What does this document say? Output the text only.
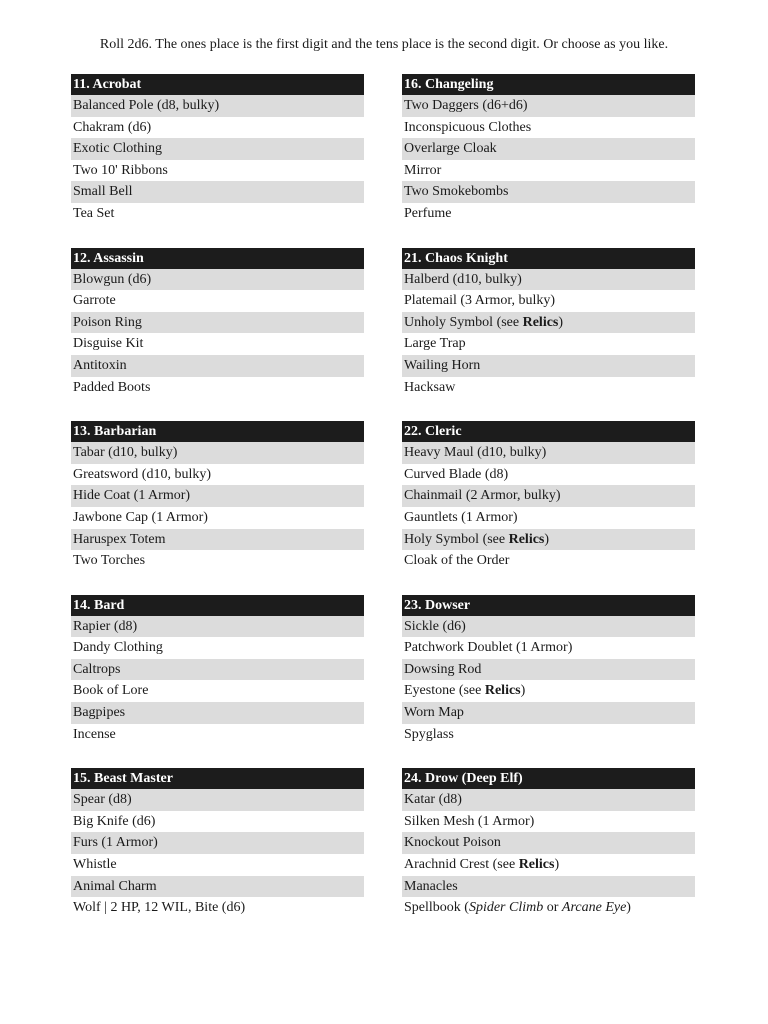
Roll 2d6. The ones place is the first digit and the tens place is the second digit. Or choose as you like.
11. Acrobat
Balanced Pole (d8, bulky)
Chakram (d6)
Exotic Clothing
Two 10' Ribbons
Small Bell
Tea Set
12. Assassin
Blowgun (d6)
Garrote
Poison Ring
Disguise Kit
Antitoxin
Padded Boots
13. Barbarian
Tabar (d10, bulky)
Greatsword (d10, bulky)
Hide Coat (1 Armor)
Jawbone Cap (1 Armor)
Haruspex Totem
Two Torches
14. Bard
Rapier (d8)
Dandy Clothing
Caltrops
Book of Lore
Bagpipes
Incense
15. Beast Master
Spear (d8)
Big Knife (d6)
Furs (1 Armor)
Whistle
Animal Charm
Wolf | 2 HP, 12 WIL, Bite (d6)
16. Changeling
Two Daggers (d6+d6)
Inconspicuous Clothes
Overlarge Cloak
Mirror
Two Smokebombs
Perfume
21. Chaos Knight
Halberd (d10, bulky)
Platemail (3 Armor, bulky)
Unholy Symbol (see Relics)
Large Trap
Wailing Horn
Hacksaw
22. Cleric
Heavy Maul (d10, bulky)
Curved Blade (d8)
Chainmail (2 Armor, bulky)
Gauntlets (1 Armor)
Holy Symbol (see Relics)
Cloak of the Order
23. Dowser
Sickle (d6)
Patchwork Doublet (1 Armor)
Dowsing Rod
Eyestone (see Relics)
Worn Map
Spyglass
24. Drow (Deep Elf)
Katar (d8)
Silken Mesh (1 Armor)
Knockout Poison
Arachnid Crest (see Relics)
Manacles
Spellbook (Spider Climb or Arcane Eye)
